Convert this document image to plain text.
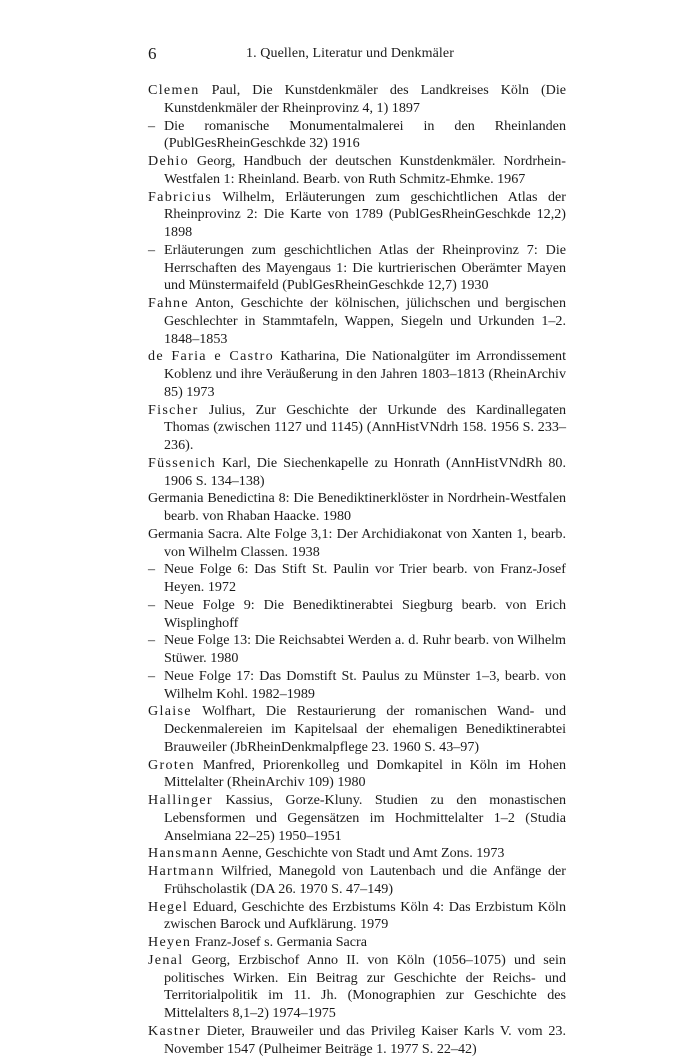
6	1. Quellen, Literatur und Denkmäler

Clemen Paul, Die Kunstdenkmäler des Landkreises Köln (Die Kunstdenkmäler der Rheinprovinz 4, 1) 1897

– Die romanische Monumentalmalerei in den Rheinlanden (PublGesRheinGeschkde 32) 1916

Dehio Georg, Handbuch der deutschen Kunstdenkmäler. Nordrhein-Westfalen 1: Rheinland. Bearb. von Ruth Schmitz-Ehmke. 1967

Fabricius Wilhelm, Erläuterungen zum geschichtlichen Atlas der Rheinprovinz 2: Die Karte von 1789 (PublGesRheinGeschkde 12,2) 1898

– Erläuterungen zum geschichtlichen Atlas der Rheinprovinz 7: Die Herrschaften des Mayengaus 1: Die kurtrierischen Oberämter Mayen und Münstermaifeld (PublGesRheinGeschkde 12,7) 1930

Fahne Anton, Geschichte der kölnischen, jülichschen und bergischen Geschlechter in Stammtafeln, Wappen, Siegeln und Urkunden 1–2. 1848–1853

de Faria e Castro Katharina, Die Nationalgüter im Arrondissement Koblenz und ihre Veräußerung in den Jahren 1803–1813 (RheinArchiv 85) 1973

Fischer Julius, Zur Geschichte der Urkunde des Kardinallegaten Thomas (zwischen 1127 und 1145) (AnnHistVNdrh 158. 1956 S. 233–236).

Füssenich Karl, Die Siechenkapelle zu Honrath (AnnHistVNdRh 80. 1906 S. 134–138)

Germania Benedictina 8: Die Benediktinerklöster in Nordrhein-Westfalen bearb. von Rhaban Haacke. 1980

Germania Sacra. Alte Folge 3,1: Der Archidiakonat von Xanten 1, bearb. von Wilhelm Classen. 1938

– Neue Folge 6: Das Stift St. Paulin vor Trier bearb. von Franz-Josef Heyen. 1972

– Neue Folge 9: Die Benediktinerabtei Siegburg bearb. von Erich Wisplinghoff

– Neue Folge 13: Die Reichsabtei Werden a. d. Ruhr bearb. von Wilhelm Stüwer. 1980

– Neue Folge 17: Das Domstift St. Paulus zu Münster 1–3, bearb. von Wilhelm Kohl. 1982–1989

Glaise Wolfhart, Die Restaurierung der romanischen Wand- und Deckenmalereien im Kapitelsaal der ehemaligen Benediktinerabtei Brauweiler (JbRheinDenkmalpflege 23. 1960 S. 43–97)

Groten Manfred, Priorenkolleg und Domkapitel in Köln im Hohen Mittelalter (RheinArchiv 109) 1980

Hallinger Kassius, Gorze-Kluny. Studien zu den monastischen Lebensformen und Gegensätzen im Hochmittelalter 1–2 (Studia Anselmiana 22–25) 1950–1951

Hansmann Aenne, Geschichte von Stadt und Amt Zons. 1973

Hartmann Wilfried, Manegold von Lautenbach und die Anfänge der Frühscholastik (DA 26. 1970 S. 47–149)

Hegel Eduard, Geschichte des Erzbistums Köln 4: Das Erzbistum Köln zwischen Barock und Aufklärung. 1979

Heyen Franz-Josef s. Germania Sacra

Jenal Georg, Erzbischof Anno II. von Köln (1056–1075) und sein politisches Wirken. Ein Beitrag zur Geschichte der Reichs- und Territorialpolitik im 11. Jh. (Monographien zur Geschichte des Mittelalters 8,1–2) 1974–1975

Kastner Dieter, Brauweiler und das Privileg Kaiser Karls V. vom 23. November 1547 (Pulheimer Beiträge 1. 1977 S. 22–42)
